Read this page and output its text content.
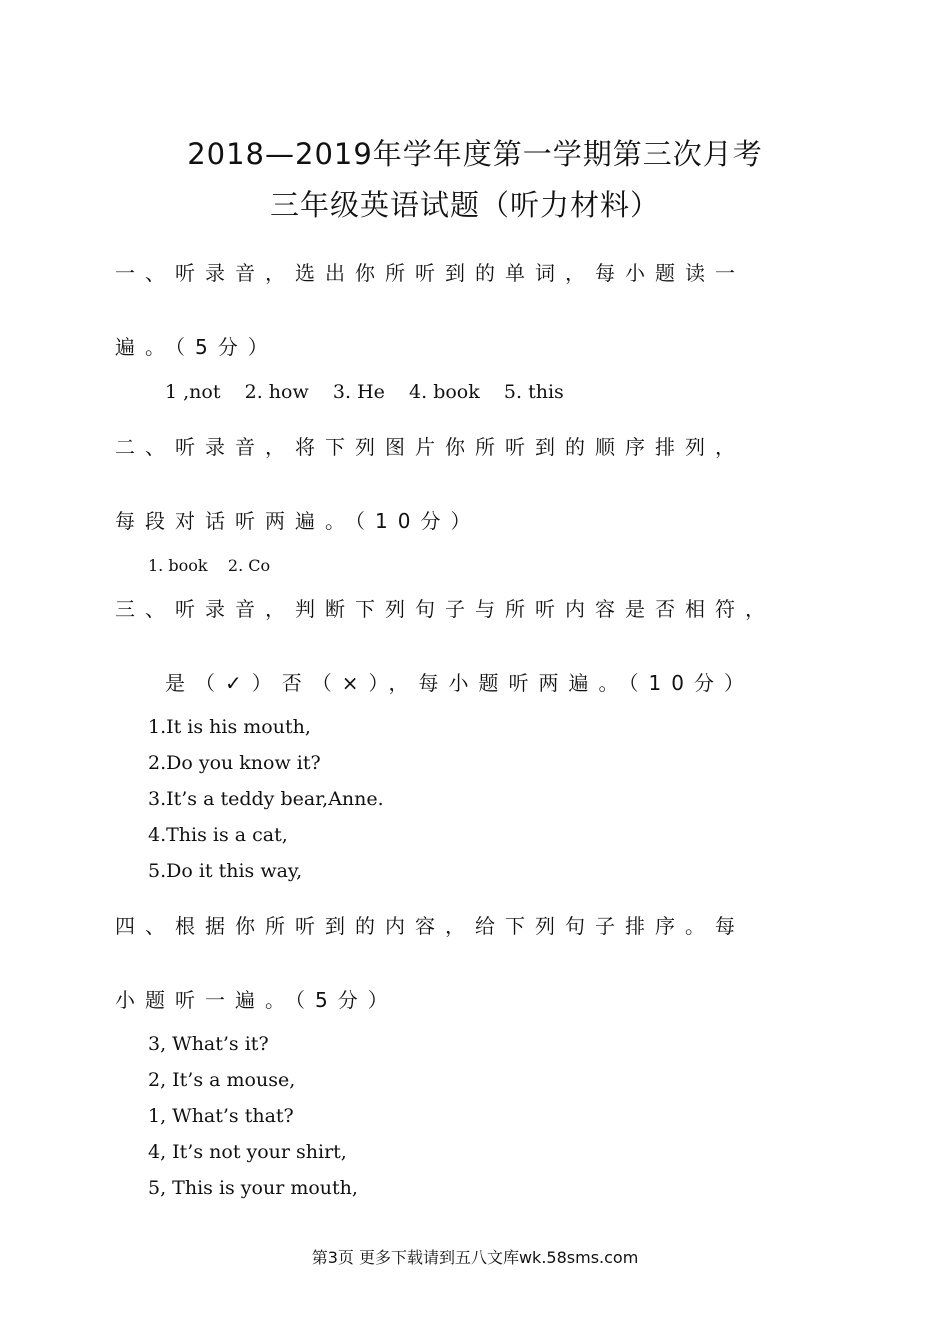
2018—2019年学年度第一学期第三次月考
三年级英语试题（听力材料）
一、听录音，选出你所听到的单词，每小题读一
遍。（5分）
1 ,not    2. how    3. He    4. book    5. this
二、听录音，将下列图片你所听到的顺序排列，
每段对话听两遍。（10分）
1. book    2. Co
三、听录音，判断下列句子与所听内容是否相符，
是（✓）否（×），每小题听两遍。（10分）
1.It is his mouth,
2.Do you know it?
3.It’s a teddy bear,Anne.
4.This is a cat,
5.Do it this way,
四、根据你所听到的内容，给下列句子排序。每
小题听一遍。（5分）
3, What’s it?
2, It’s a mouse,
1, What’s that?
4, It’s not your shirt,
5, This is your mouth,
第3页 更多下载请到五八文库wk.58sms.com
